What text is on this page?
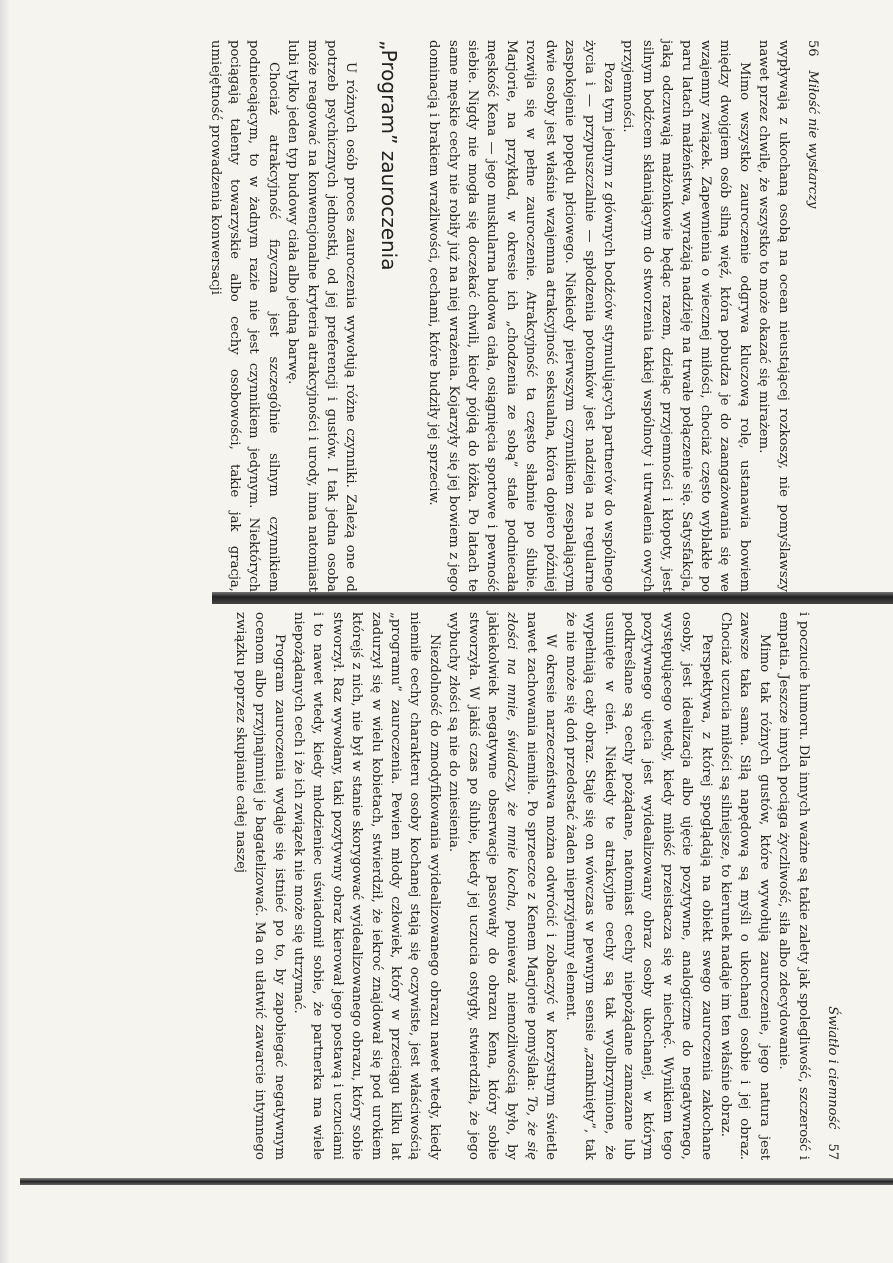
56
Miłość nie wystarczy

wypływają z ukochaną osobą na ocean nieustającej rozkoszy, nie pomyślawszy nawet przez chwilę, że wszystko to może okazać się mirażem.

Mimo wszystko zauroczenie odgrywa kluczową rolę, ustanawia bowiem między dwojgiem osób silną więź, która pobudza je do zaangażowania się we wzajemny związek. Zapewnienia o wiecznej miłości, chociaż często wyblakłe po paru latach małżeństwa, wyrażają nadzieję na trwałe połączenie się. Satysfakcja, jaką odczuwają małżonkowie będąc razem, dzieląc przyjemności i kłopoty, jest silnym bodźcem skłaniającym do stworzenia takiej wspólnoty i utrwalenia owych przyjemności.

Poza tym jednym z głównych bodźców stymulujących partnerów do wspólnego życia i — przypuszczalnie — spłodzenia potomków jest nadzieja na regularne zaspokojenie popędu płciowego. Niekiedy pierwszym czynnikiem zespalającym dwie osoby jest właśnie wzajemna atrakcyjność seksualna, która dopiero później rozwija się w pełne zauroczenie. Atrakcyjność ta często słabnie po ślubie. Marjorie, na przykład, w okresie ich „chodzenia ze sobą” stale podniecała męskość Kena — jego muskularna budowa ciała, osiągnięcia sportowe i pewność siebie. Nigdy nie mogła się doczekać chwili, kiedy pójdą do łóżka. Po latach te same męskie cechy nie robiły już na niej wrażenia. Kojarzyły się jej bowiem z jego dominacją i brakiem wrażliwości, cechami, które budziły jej sprzeciw.

„Program” zauroczenia

U różnych osób proces zauroczenia wywołują różne czynniki. Zależą one od potrzeb psychicznych jednostki, od jej preferencji i gustów. I tak jedna osoba może reagować na konwencjonalne kryteria atrakcyjności i urody, inna natomiast lubi tylko jeden typ budowy ciała albo jedną barwę.

Chociaż atrakcyjność fizyczna jest szczególnie silnym czynnikiem podniecającym, to w żadnym razie nie jest czynnikiem jedynym. Niektórych pociągają talenty towarzyskie albo cechy osobowości, takie jak gracja, umiejętność prowadzenia konwersacji

Światło i ciemność
57

i poczucie humoru. Dla innych ważne są takie zalety jak spolegliwość, szczerość i empatia. Jeszcze innych pociąga życzliwość, siła albo zdecydowanie.

Mimo tak różnych gustów, które wywołują zauroczenie, jego natura jest zawsze taka sama. Siłą napędową są myśli o ukochanej osobie i jej obraz. Chociaż uczucia miłości są silniejsze, to kierunek nadaje im ten właśnie obraz.

Perspektywa, z której spoglądają na obiekt swego zauroczenia zakochane osoby, jest idealizacja albo ujęcie pozytywne, analogiczne do negatywnego, występującego wtedy, kiedy miłość przeistacza się w niechęć. Wynikiem tego pozytywnego ujęcia jest wyidealizowany obraz osoby ukochanej, w którym podkreślane są cechy pożądane, natomiast cechy niepożądane zamazane lub usunięte w cień. Niekiedy te atrakcyjne cechy są tak wyolbrzymione, że wypełniają cały obraz. Staje się on wówczas w pewnym sensie „zamknięty”, tak że nie może się doń przedostać żaden nieprzyjemny element.

W okresie narzeczeństwa można odwrócić i zobaczyć w korzystnym świetle nawet zachowania niemiłe. Po sprzeczce z Kenem Marjorie pomyślała: To, że się złości na mnie, świadczy, że mnie kocha, ponieważ niemożliwością było, by jakiekolwiek negatywne obserwacje pasowały do obrazu Kena, który sobie stworzyła. W jakiś czas po ślubie, kiedy jej uczucia ostygły, stwierdziła, że jego wybuchy złości są nie do zniesienia.

Niezdolność do zmodyfikowania wyidealizowanego obrazu nawet wtedy, kiedy niemiłe cechy charakteru osoby kochanej stają się oczywiste, jest właściwością „programu” zauroczenia. Pewien młody człowiek, który w przeciągu kilku lat zadurzył się w wielu kobietach, stwierdził, że iekroć znajdował się pod urokiem którejś z nich, nie był w stanie skorygować wyidealizowanego obrazu, który sobie stworzył. Raz wywołany, taki pozytywny obraz kierował jego postawą i uczuciami i to nawet wtedy, kiedy młodzieniec uświadomił sobie, że partnerka ma wiele niepożądanych cech i że ich związek nie może się utrzymać.

Program zauroczenia wydaje się istnieć po to, by zapobiegać negatywnym ocenom albo przyjnajmniej je bagatelizować. Ma on ułatwić zawarcie intymnego związku poprzez skupianie całej naszej
